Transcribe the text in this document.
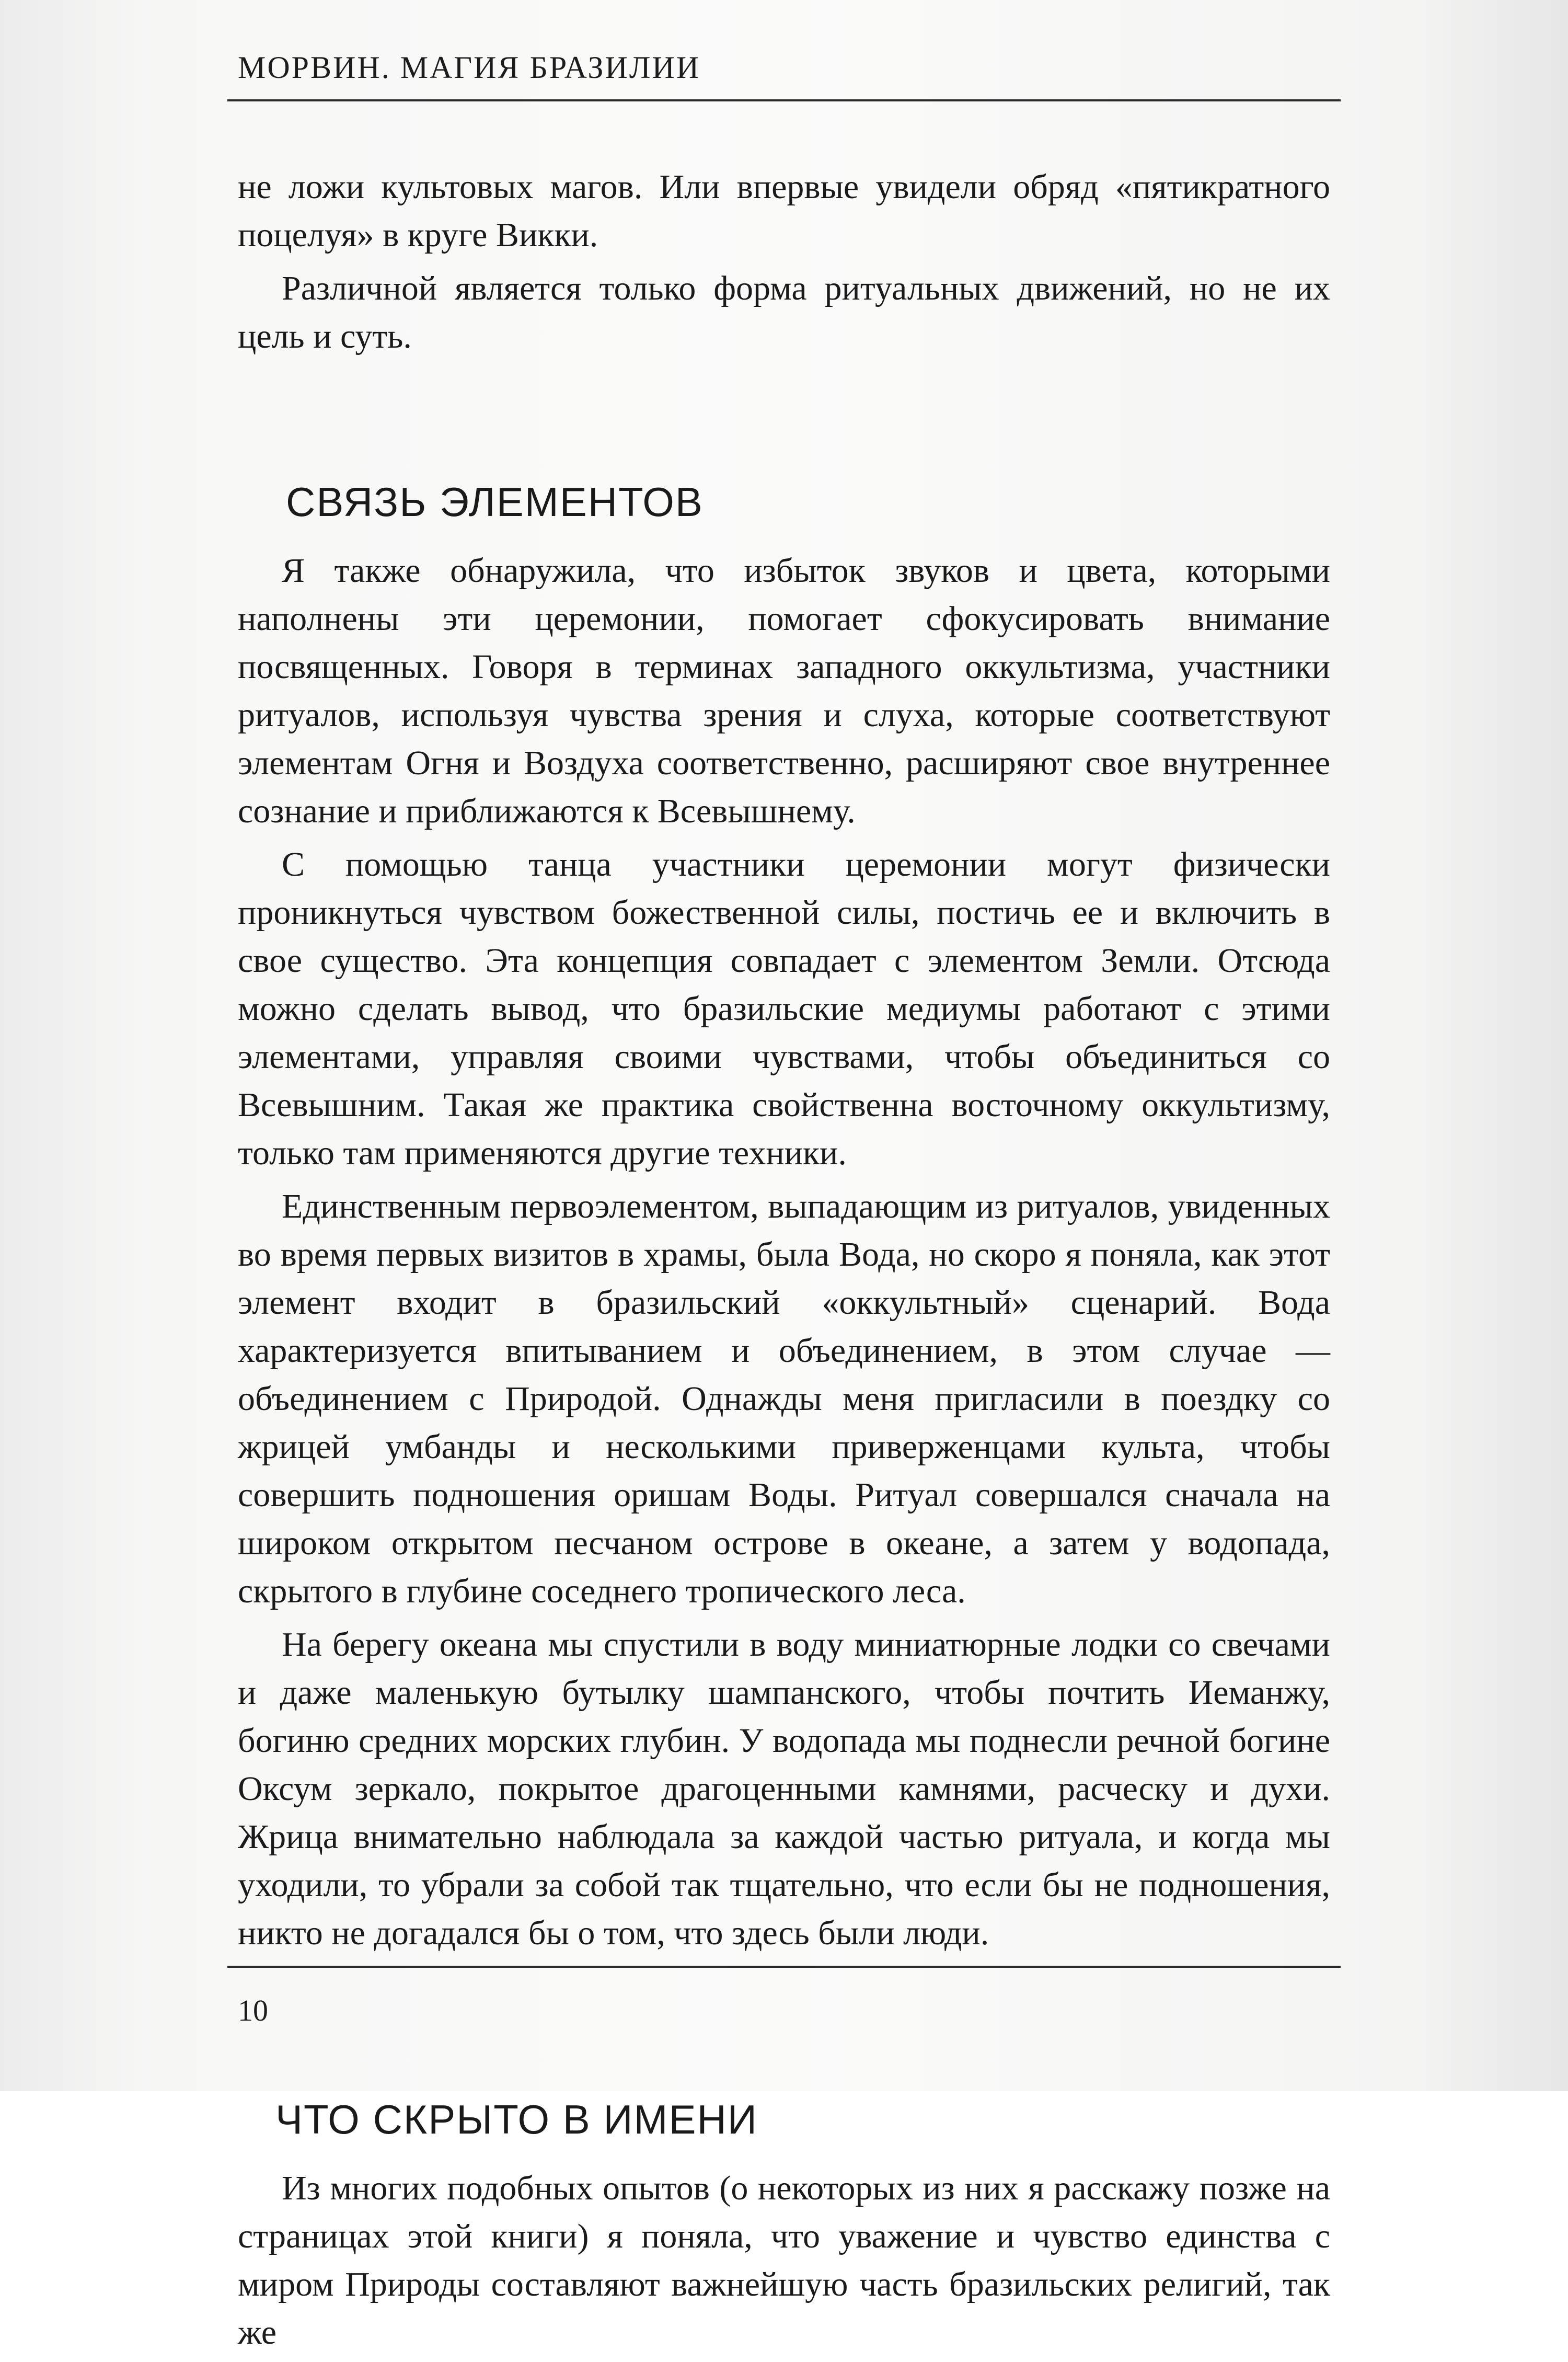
МОРВИН. МАГИЯ БРАЗИЛИИ

не ложи культовых магов. Или впервые увидели обряд «пятикратного поцелуя» в круге Викки.

Различной является только форма ритуальных движений, но не их цель и суть.

СВЯЗЬ ЭЛЕМЕНТОВ

Я также обнаружила, что избыток звуков и цвета, которыми наполнены эти церемонии, помогает сфокусировать внимание посвященных. Говоря в терминах западного оккультизма, участники ритуалов, используя чувства зрения и слуха, которые соответствуют элементам Огня и Воздуха соответственно, расширяют свое внутреннее сознание и приближаются к Всевышнему.

С помощью танца участники церемонии могут физически проникнуться чувством божественной силы, постичь ее и включить в свое существо. Эта концепция совпадает с элементом Земли. Отсюда можно сделать вывод, что бразильские медиумы работают с этими элементами, управляя своими чувствами, чтобы объединиться со Всевышним. Такая же практика свойственна восточному оккультизму, только там применяются другие техники.

Единственным первоэлементом, выпадающим из ритуалов, увиденных во время первых визитов в храмы, была Вода, но скоро я поняла, как этот элемент входит в бразильский «оккультный» сценарий. Вода характеризуется впитыванием и объединением, в этом случае — объединением с Природой. Однажды меня пригласили в поездку со жрицей умбанды и несколькими приверженцами культа, чтобы совершить подношения оришам Воды. Ритуал совершался сначала на широком открытом песчаном острове в океане, а затем у водопада, скрытого в глубине соседнего тропического леса.

На берегу океана мы спустили в воду миниатюрные лодки со свечами и даже маленькую бутылку шампанского, чтобы почтить Иеманжу, богиню средних морских глубин. У водопада мы поднесли речной богине Оксум зеркало, покрытое драгоценными камнями, расческу и духи. Жрица внимательно наблюдала за каждой частью ритуала, и когда мы уходили, то убрали за собой так тщательно, что если бы не подношения, никто не догадался бы о том, что здесь были люди.

ЧТО СКРЫТО В ИМЕНИ

Из многих подобных опытов (о некоторых из них я расскажу позже на страницах этой книги) я поняла, что уважение и чувство единства с миром Природы составляют важнейшую часть бразильских религий, так же

10
